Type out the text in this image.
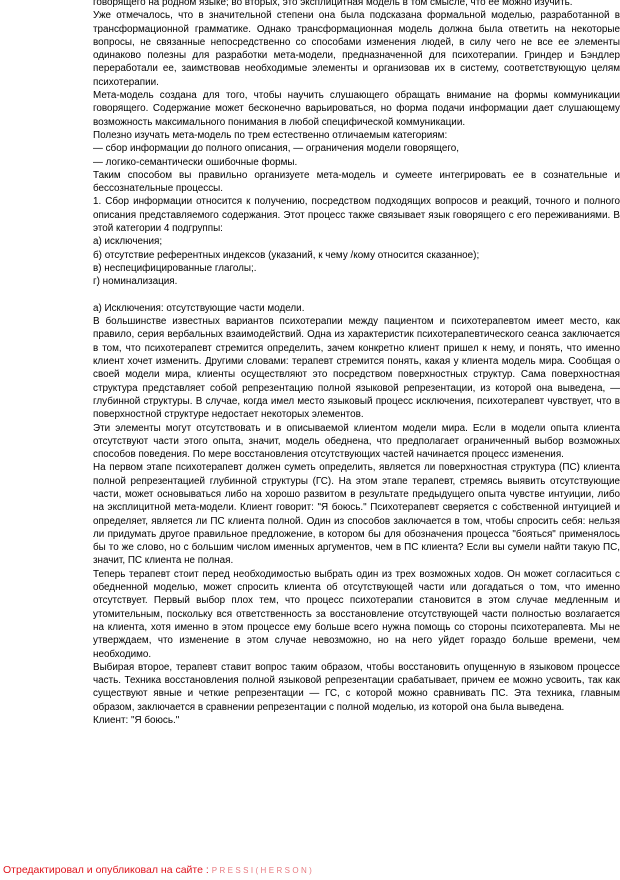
говорящего на родном языке; во вторых, это эксплицитная модель в том смысле, что ее можно изучить.

Уже отмечалось, что в значительной степени она была подсказана формальной моделью, разработанной в трансформационной грамматике. Однако трансформационная модель должна была ответить на некоторые вопросы, не связанные непосредственно со способами изменения людей, в силу чего не все ее элементы одинаково полезны для разработки мета-модели, предназначенной для психотерапии. Гриндер и Бэндлер переработали ее, заимствовав необходимые элементы и организовав их в систему, соответствующую целям психотерапии.

Мета-модель создана для того, чтобы научить слушающего обращать внимание на формы коммуникации говорящего. Содержание может бесконечно варьироваться, но форма подачи информации дает слушающему возможность максимального понимания в любой специфической коммуникации.

Полезно изучать мета-модель по трем естественно отличаемым категориям:

— сбор информации до полного описания, — ограничения модели говорящего,

— логико-семантически ошибочные формы.

Таким способом вы правильно организуете мета-модель и сумеете интегрировать ее в сознательные и бессознательные процессы.

1. Сбор информации относится к получению, посредством подходящих вопросов и реакций, точного и полного описания представляемого содержания. Этот процесс также связывает язык говорящего с его переживаниями. В этой категории 4 подгруппы:

а) исключения;

б) отсутствие референтных индексов (указаний, к чему /кому относится сказанное);

в) неспецифицированные глаголы;.

г) номинализация.

а) Исключения: отсутствующие части модели.

В большинстве известных вариантов психотерапии между пациентом и психотерапевтом имеет место, как правило, серия вербальных взаимодействий. Одна из характеристик психотерапевтического сеанса заключается в том, что психотерапевт стремится определить, зачем конкретно клиент пришел к нему, и понять, что именно клиент хочет изменить. Другими словами: терапевт стремится понять, какая у клиента модель мира. Сообщая о своей модели мира, клиенты осуществляют это посредством поверхностных структур. Сама поверхностная структура представляет собой репрезентацию полной языковой репрезентации, из которой она выведена, — глубинной структуры. В случае, когда имел место языковый процесс исключения, психотерапевт чувствует, что в поверхностной структуре недостает некоторых элементов.

Эти элементы могут отсутствовать и в описываемой клиентом модели мира. Если в модели опыта клиента отсутствуют части этого опыта, значит, модель обеднена, что предполагает ограниченный выбор возможных способов поведения. По мере восстановления отсутствующих частей начинается процесс изменения.

На первом этапе психотерапевт должен суметь определить, является ли поверхностная структура (ПС) клиента полной репрезентацией глубинной структуры (ГС). На этом этапе терапевт, стремясь выявить отсутствующие части, может основываться либо на хорошо развитом в результате предыдущего опыта чувстве интуиции, либо на эксплицитной мета-модели. Клиент говорит: "Я боюсь." Психотерапевт сверяется с собственной интуицией и определяет, является ли ПС клиента полной. Один из способов заключается в том, чтобы спросить себя: нельзя ли придумать другое правильное предложение, в котором бы для обозначения процесса "бояться" применялось бы то же слово, но с большим числом именных аргументов, чем в ПС клиента? Если вы сумели найти такую ПС, значит, ПС клиента не полная.

Теперь терапевт стоит перед необходимостью выбрать один из трех возможных ходов. Он может согласиться с обедненной моделью, может спросить клиента об отсутствующей части или догадаться о том, что именно отсутствует. Первый выбор плох тем, что процесс психотерапии становится в этом случае медленным и утомительным, поскольку вся ответственность за восстановление отсутствующей части полностью возлагается на клиента, хотя именно в этом процессе ему больше всего нужна помощь со стороны психотерапевта. Мы не утверждаем, что изменение в этом случае невозможно, но на него уйдет гораздо больше времени, чем необходимо.

Выбирая второе, терапевт ставит вопрос таким образом, чтобы восстановить опущенную в языковом процессе часть. Техника восстановления полной языковой репрезентации срабатывает, причем ее можно усвоить, так как существуют явные и четкие репрезентации — ГС, с которой можно сравнивать ПС. Эта техника, главным образом, заключается в сравнении репрезентации с полной моделью, из которой она была выведена.

Клиент: "Я боюсь."

Отредактировал и опубликовал на сайте : PRESSI(HERSON)
